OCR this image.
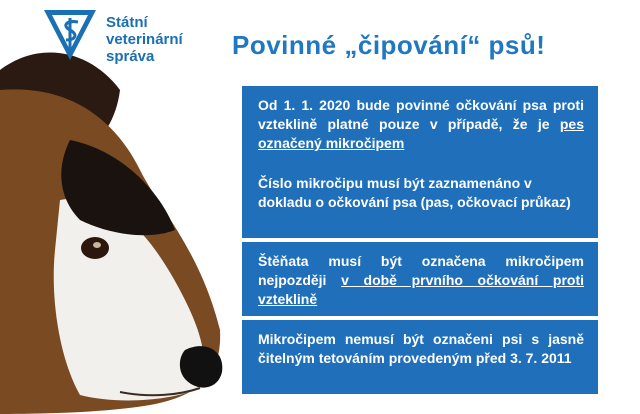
Státní
veterinární
správa	Povinné „čipování“ psů!

Od 1. 1. 2020 bude povinné očkování psa proti vzteklině platné pouze v případě, že je pes označený mikročipem

Číslo mikročipu musí být zaznamenáno v dokladu o očkování psa (pas, očkovací průkaz)

Štěňata musí být označena mikročipem nejpozději v době prvního očkování proti vzteklině

Mikročipem nemusí být označeni psi s jasně čitelným tetováním provedeným před 3. 7. 2011
